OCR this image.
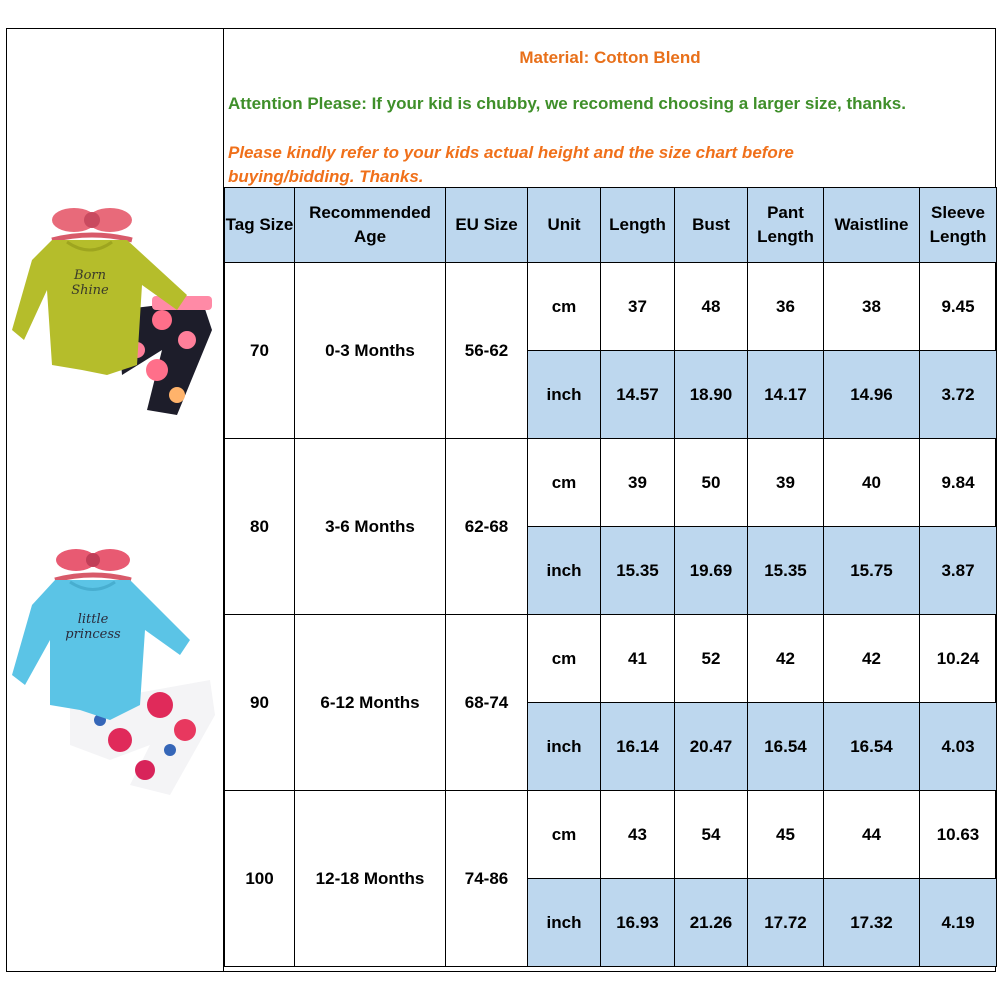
Born Shine
little princess
Material: Cotton Blend
Attention Please: If your kid is chubby, we recomend choosing a larger size, thanks.
Please kindly refer to your kids actual height and the size chart before buying/bidding. Thanks.
Tag Size	Recommended Age	EU Size	Unit	Length	Bust	Pant Length	Waistline	Sleeve Length
70	0-3 Months	56-62	cm	37	48	36	38	9.45
			inch	14.57	18.90	14.17	14.96	3.72
80	3-6 Months	62-68	cm	39	50	39	40	9.84
			inch	15.35	19.69	15.35	15.75	3.87
90	6-12 Months	68-74	cm	41	52	42	42	10.24
			inch	16.14	20.47	16.54	16.54	4.03
100	12-18 Months	74-86	cm	43	54	45	44	10.63
			inch	16.93	21.26	17.72	17.32	4.19
